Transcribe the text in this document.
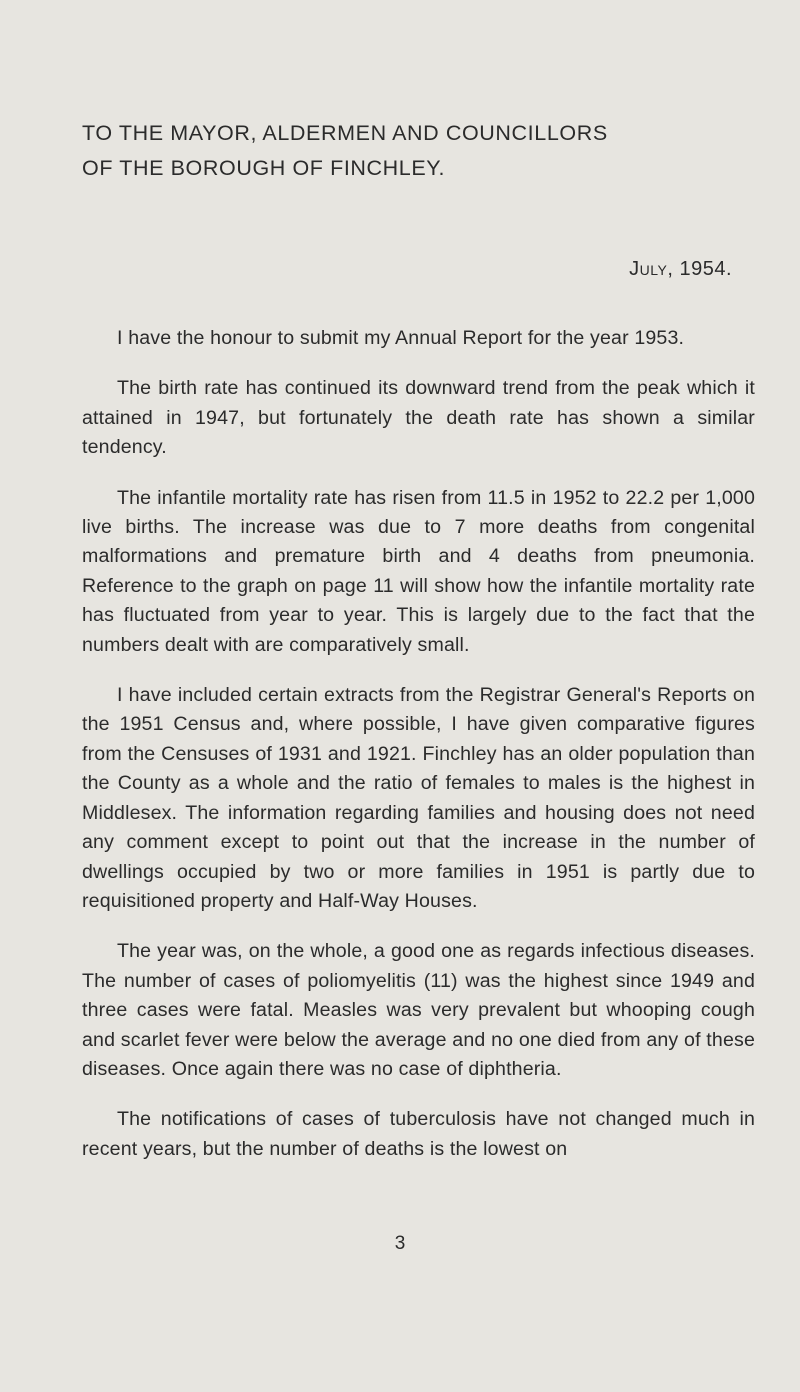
TO THE MAYOR, ALDERMEN AND COUNCILLORS
OF THE BOROUGH OF FINCHLEY.
July, 1954.

I have the honour to submit my Annual Report for the year 1953.

The birth rate has continued its downward trend from the peak which it attained in 1947, but fortunately the death rate has shown a similar tendency.

The infantile mortality rate has risen from 11.5 in 1952 to 22.2 per 1,000 live births. The increase was due to 7 more deaths from congenital malformations and premature birth and 4 deaths from pneumonia. Reference to the graph on page 11 will show how the infantile mortality rate has fluctuated from year to year. This is largely due to the fact that the numbers dealt with are comparatively small.

I have included certain extracts from the Registrar General's Reports on the 1951 Census and, where possible, I have given comparative figures from the Censuses of 1931 and 1921. Finchley has an older population than the County as a whole and the ratio of females to males is the highest in Middlesex. The information regarding families and housing does not need any comment except to point out that the increase in the number of dwellings occupied by two or more families in 1951 is partly due to requisitioned property and Half-Way Houses.

The year was, on the whole, a good one as regards infectious diseases. The number of cases of poliomyelitis (11) was the highest since 1949 and three cases were fatal. Measles was very prevalent but whooping cough and scarlet fever were below the average and no one died from any of these diseases. Once again there was no case of diphtheria.

The notifications of cases of tuberculosis have not changed much in recent years, but the number of deaths is the lowest on

3
